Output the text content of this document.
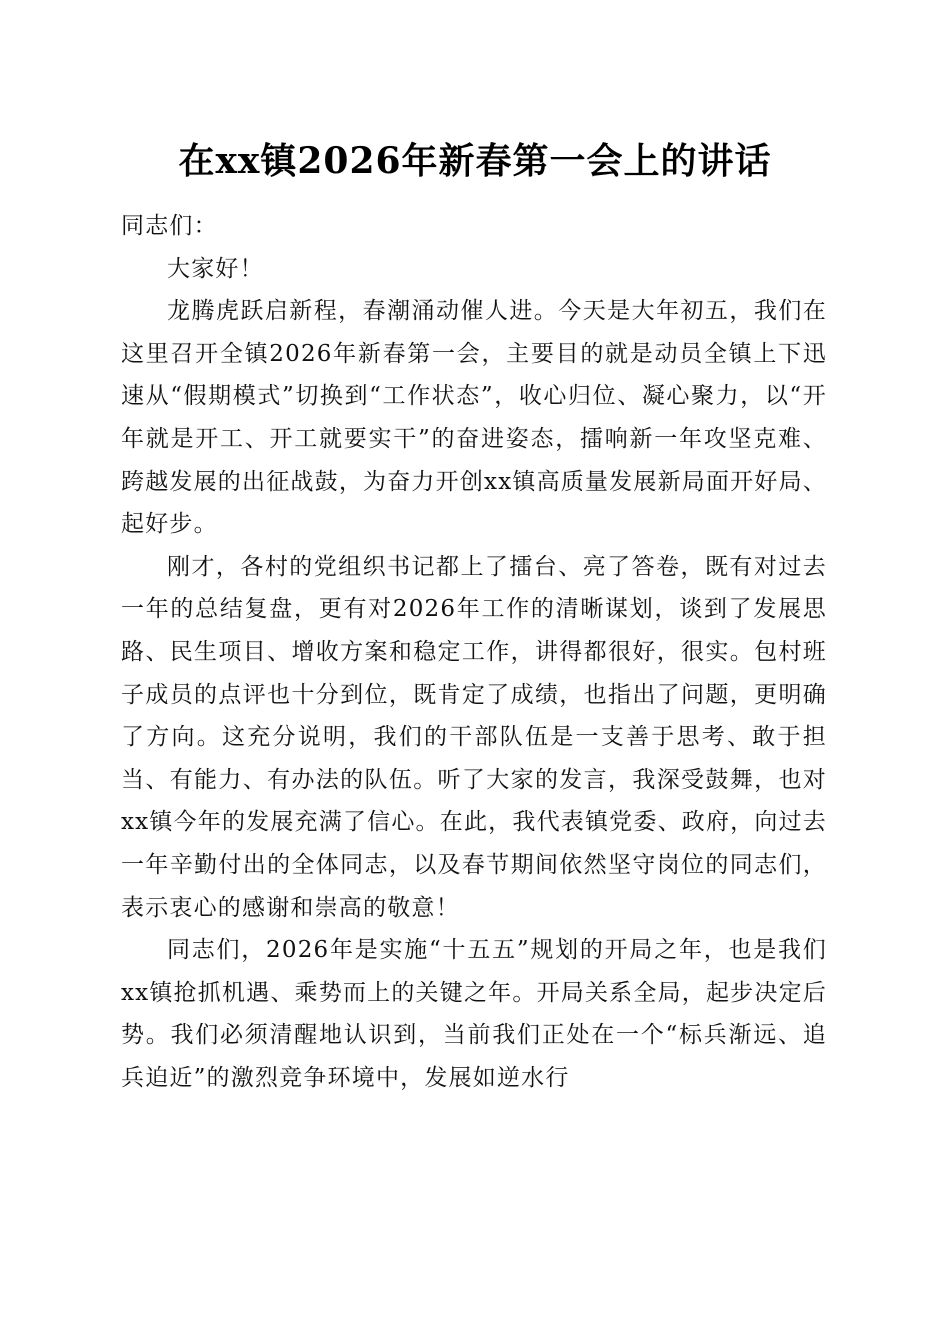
在xx镇2026年新春第一会上的讲话

同志们：

大家好！

龙腾虎跃启新程，春潮涌动催人进。今天是大年初五，我们在这里召开全镇2026年新春第一会，主要目的就是动员全镇上下迅速从“假期模式”切换到“工作状态”，收心归位、凝心聚力，以“开年就是开工、开工就要实干”的奋进姿态，擂响新一年攻坚克难、跨越发展的出征战鼓，为奋力开创xx镇高质量发展新局面开好局、起好步。

刚才，各村的党组织书记都上了擂台、亮了答卷，既有对过去一年的总结复盘，更有对2026年工作的清晰谋划，谈到了发展思路、民生项目、增收方案和稳定工作，讲得都很好，很实。包村班子成员的点评也十分到位，既肯定了成绩，也指出了问题，更明确了方向。这充分说明，我们的干部队伍是一支善于思考、敢于担当、有能力、有办法的队伍。听了大家的发言，我深受鼓舞，也对xx镇今年的发展充满了信心。在此，我代表镇党委、政府，向过去一年辛勤付出的全体同志，以及春节期间依然坚守岗位的同志们，表示衷心的感谢和崇高的敬意！

同志们，2026年是实施“十五五”规划的开局之年，也是我们xx镇抢抓机遇、乘势而上的关键之年。开局关系全局，起步决定后势。我们必须清醒地认识到，当前我们正处在一个“标兵渐远、追兵迫近”的激烈竞争环境中，发展如逆水行
